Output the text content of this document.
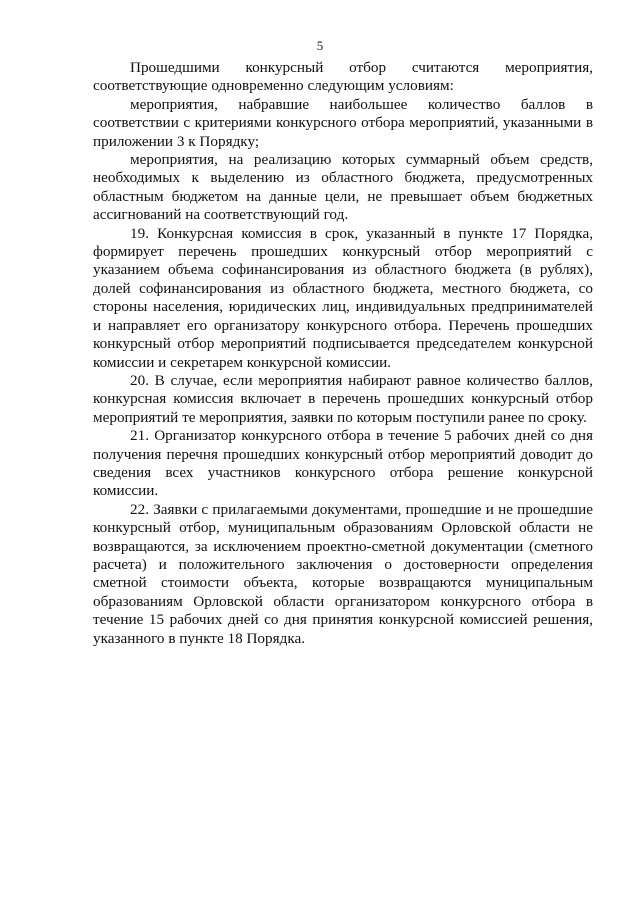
5

Прошедшими конкурсный отбор считаются мероприятия, соответствующие одновременно следующим условиям:

мероприятия, набравшие наибольшее количество баллов в соответствии с критериями конкурсного отбора мероприятий, указанными в приложении 3 к Порядку;

мероприятия, на реализацию которых суммарный объем средств, необходимых к выделению из областного бюджета, предусмотренных областным бюджетом на данные цели, не превышает объем бюджетных ассигнований на соответствующий год.

19. Конкурсная комиссия в срок, указанный в пункте 17 Порядка, формирует перечень прошедших конкурсный отбор мероприятий с указанием объема софинансирования из областного бюджета (в рублях), долей софинансирования из областного бюджета, местного бюджета, со стороны населения, юридических лиц, индивидуальных предпринимателей и направляет его организатору конкурсного отбора. Перечень прошедших конкурсный отбор мероприятий подписывается председателем конкурсной комиссии и секретарем конкурсной комиссии.

20. В случае, если мероприятия набирают равное количество баллов, конкурсная комиссия включает в перечень прошедших конкурсный отбор мероприятий те мероприятия, заявки по которым поступили ранее по сроку.

21. Организатор конкурсного отбора в течение 5 рабочих дней со дня получения перечня прошедших конкурсный отбор мероприятий доводит до сведения всех участников конкурсного отбора решение конкурсной комиссии.

22. Заявки с прилагаемыми документами, прошедшие и не прошедшие конкурсный отбор, муниципальным образованиям Орловской области не возвращаются, за исключением проектно-сметной документации (сметного расчета) и положительного заключения о достоверности определения сметной стоимости объекта, которые возвращаются муниципальным образованиям Орловской области организатором конкурсного отбора в течение 15 рабочих дней со дня принятия конкурсной комиссией решения, указанного в пункте 18 Порядка.
